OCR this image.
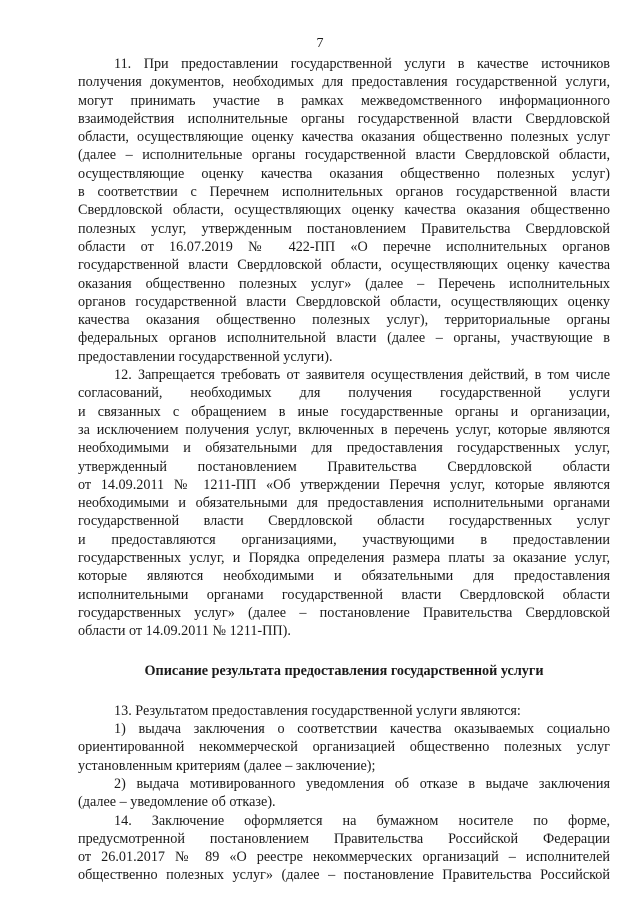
7
11. При предоставлении государственной услуги в качестве источников
получения документов, необходимых для предоставления государственной услуги,
могут принимать участие в рамках межведомственного информационного
взаимодействия исполнительные органы государственной власти Свердловской
области, осуществляющие оценку качества оказания общественно полезных услуг
(далее – исполнительные органы государственной власти Свердловской области,
осуществляющие оценку качества оказания общественно полезных услуг)
в соответствии с Перечнем исполнительных органов государственной власти
Свердловской области, осуществляющих оценку качества оказания общественно
полезных услуг, утвержденным постановлением Правительства Свердловской
области от 16.07.2019 № 422-ПП «О перечне исполнительных органов
государственной власти Свердловской области, осуществляющих оценку качества
оказания общественно полезных услуг» (далее – Перечень исполнительных
органов государственной власти Свердловской области, осуществляющих оценку
качества оказания общественно полезных услуг), территориальные органы
федеральных органов исполнительной власти (далее – органы, участвующие в
предоставлении государственной услуги).
12. Запрещается требовать от заявителя осуществления действий, в том числе
согласований, необходимых для получения государственной услуги
и связанных с обращением в иные государственные органы и организации,
за исключением получения услуг, включенных в перечень услуг, которые являются
необходимыми и обязательными для предоставления государственных услуг,
утвержденный постановлением Правительства Свердловской области
от 14.09.2011 № 1211-ПП «Об утверждении Перечня услуг, которые являются
необходимыми и обязательными для предоставления исполнительными органами
государственной власти Свердловской области государственных услуг
и предоставляются организациями, участвующими в предоставлении
государственных услуг, и Порядка определения размера платы за оказание услуг,
которые являются необходимыми и обязательными для предоставления
исполнительными органами государственной власти Свердловской области
государственных услуг» (далее – постановление Правительства Свердловской
области от 14.09.2011 № 1211-ПП).
Описание результата предоставления государственной услуги
13. Результатом предоставления государственной услуги являются:
1) выдача заключения о соответствии качества оказываемых социально
ориентированной некоммерческой организацией общественно полезных услуг
установленным критериям (далее – заключение);
2) выдача мотивированного уведомления об отказе в выдаче заключения
(далее – уведомление об отказе).
14. Заключение оформляется на бумажном носителе по форме,
предусмотренной постановлением Правительства Российской Федерации
от 26.01.2017 № 89 «О реестре некоммерческих организаций – исполнителей
общественно полезных услуг» (далее – постановление Правительства Российской
